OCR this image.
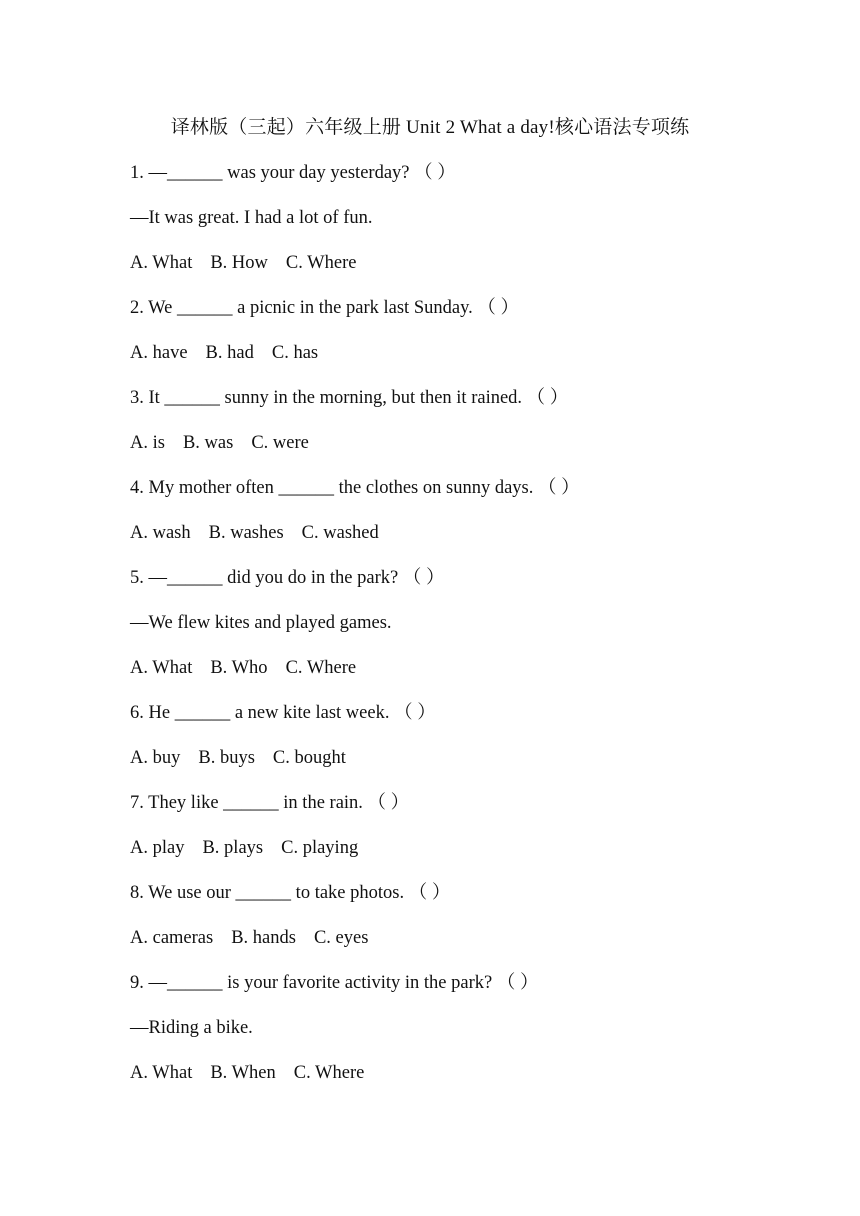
译林版（三起）六年级上册 Unit 2 What a day!核心语法专项练
1. —______ was your day yesterday? （ ）
—It was great. I had a lot of fun.
A. What B. How C. Where
2. We ______ a picnic in the park last Sunday. （ ）
A. have B. had C. has
3. It ______ sunny in the morning, but then it rained. （ ）
A. is B. was C. were
4. My mother often ______ the clothes on sunny days. （ ）
A. wash B. washes C. washed
5. —______ did you do in the park? （ ）
—We flew kites and played games.
A. What B. Who C. Where
6. He ______ a new kite last week. （ ）
A. buy B. buys C. bought
7. They like ______ in the rain. （ ）
A. play B. plays C. playing
8. We use our ______ to take photos. （ ）
A. cameras B. hands C. eyes
9. —______ is your favorite activity in the park? （ ）
—Riding a bike.
A. What B. When C. Where
